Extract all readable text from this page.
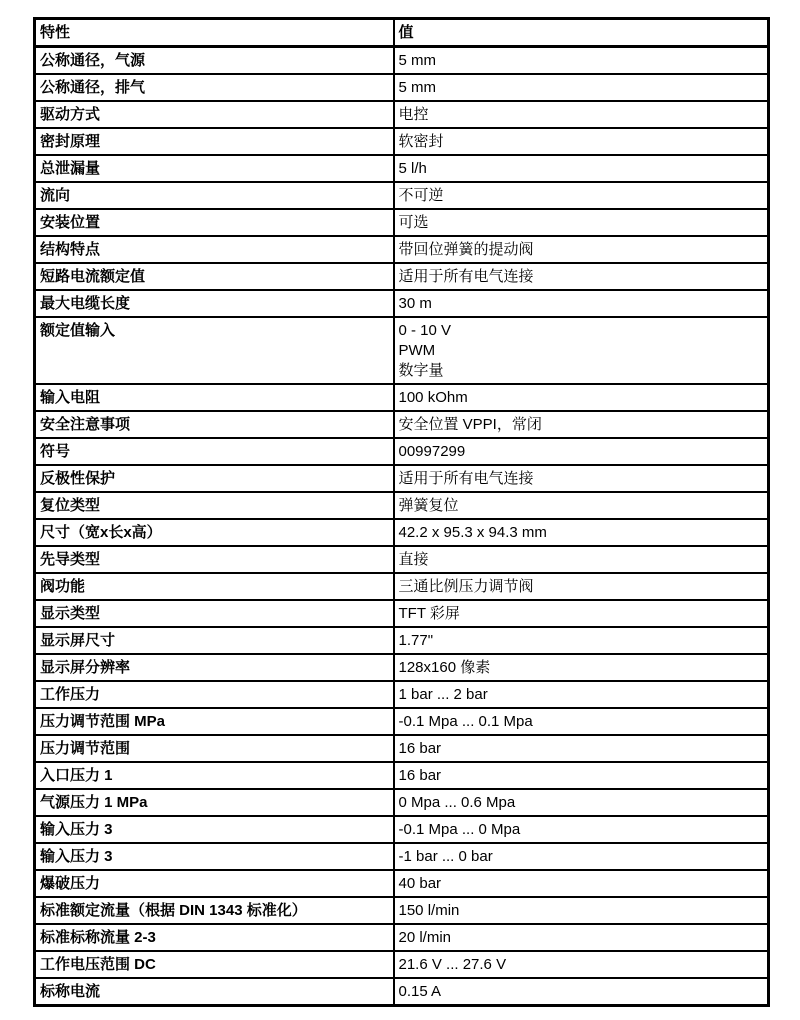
特性	值
公称通径，气源	5 mm
公称通径，排气	5 mm
驱动方式	电控
密封原理	软密封
总泄漏量	5 l/h
流向	不可逆
安装位置	可选
结构特点	带回位弹簧的提动阀
短路电流额定值	适用于所有电气连接
最大电缆长度	30 m
额定值输入	0 - 10 V
PWM
数字量
输入电阻	100 kOhm
安全注意事项	安全位置 VPPI，常闭
符号	00997299
反极性保护	适用于所有电气连接
复位类型	弹簧复位
尺寸（宽x长x高）	42.2 x 95.3 x 94.3 mm
先导类型	直接
阀功能	三通比例压力调节阀
显示类型	TFT 彩屏
显示屏尺寸	1.77"
显示屏分辨率	128x160 像素
工作压力	1 bar ... 2 bar
压力调节范围 MPa	-0.1 Mpa ... 0.1 Mpa
压力调节范围	16 bar
入口压力 1	16 bar
气源压力 1 MPa	0 Mpa ... 0.6 Mpa
输入压力 3	-0.1 Mpa ... 0 Mpa
输入压力 3	-1 bar ... 0 bar
爆破压力	40 bar
标准额定流量（根据 DIN 1343 标准化）	150 l/min
标准标称流量 2-3	20 l/min
工作电压范围 DC	21.6 V ... 27.6 V
标称电流	0.15 A
